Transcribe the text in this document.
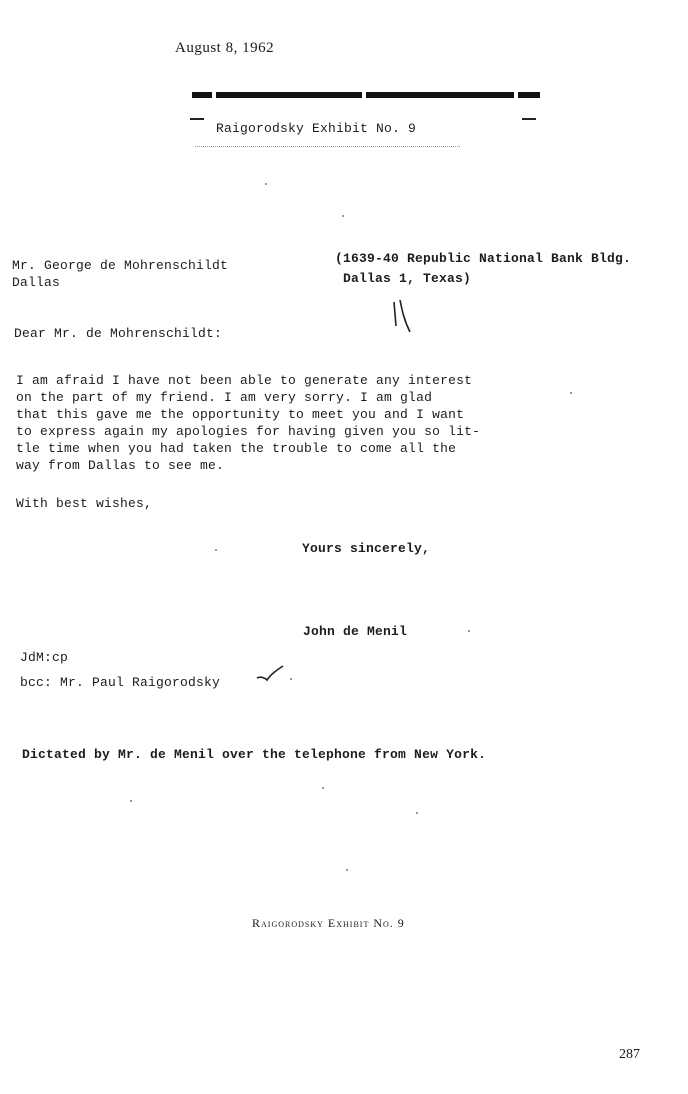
August 8, 1962
Raigorodsky Exhibit No. 9
Mr. George de Mohrenschildt
Dallas
(1639-40 Republic National Bank Bldg.
Dallas 1, Texas)
Dear Mr. de Mohrenschildt:
I am afraid I have not been able to generate any interest
on the part of my friend. I am very sorry. I am glad
that this gave me the opportunity to meet you and I want
to express again my apologies for having given you so lit-
tle time when you had taken the trouble to come all the
way from Dallas to see me.
With best wishes,
Yours sincerely,
John de Menil
JdM:cp
bcc: Mr. Paul Raigorodsky
Dictated by Mr. de Menil over the telephone from New York.
Raigorodsky Exhibit No. 9
287
